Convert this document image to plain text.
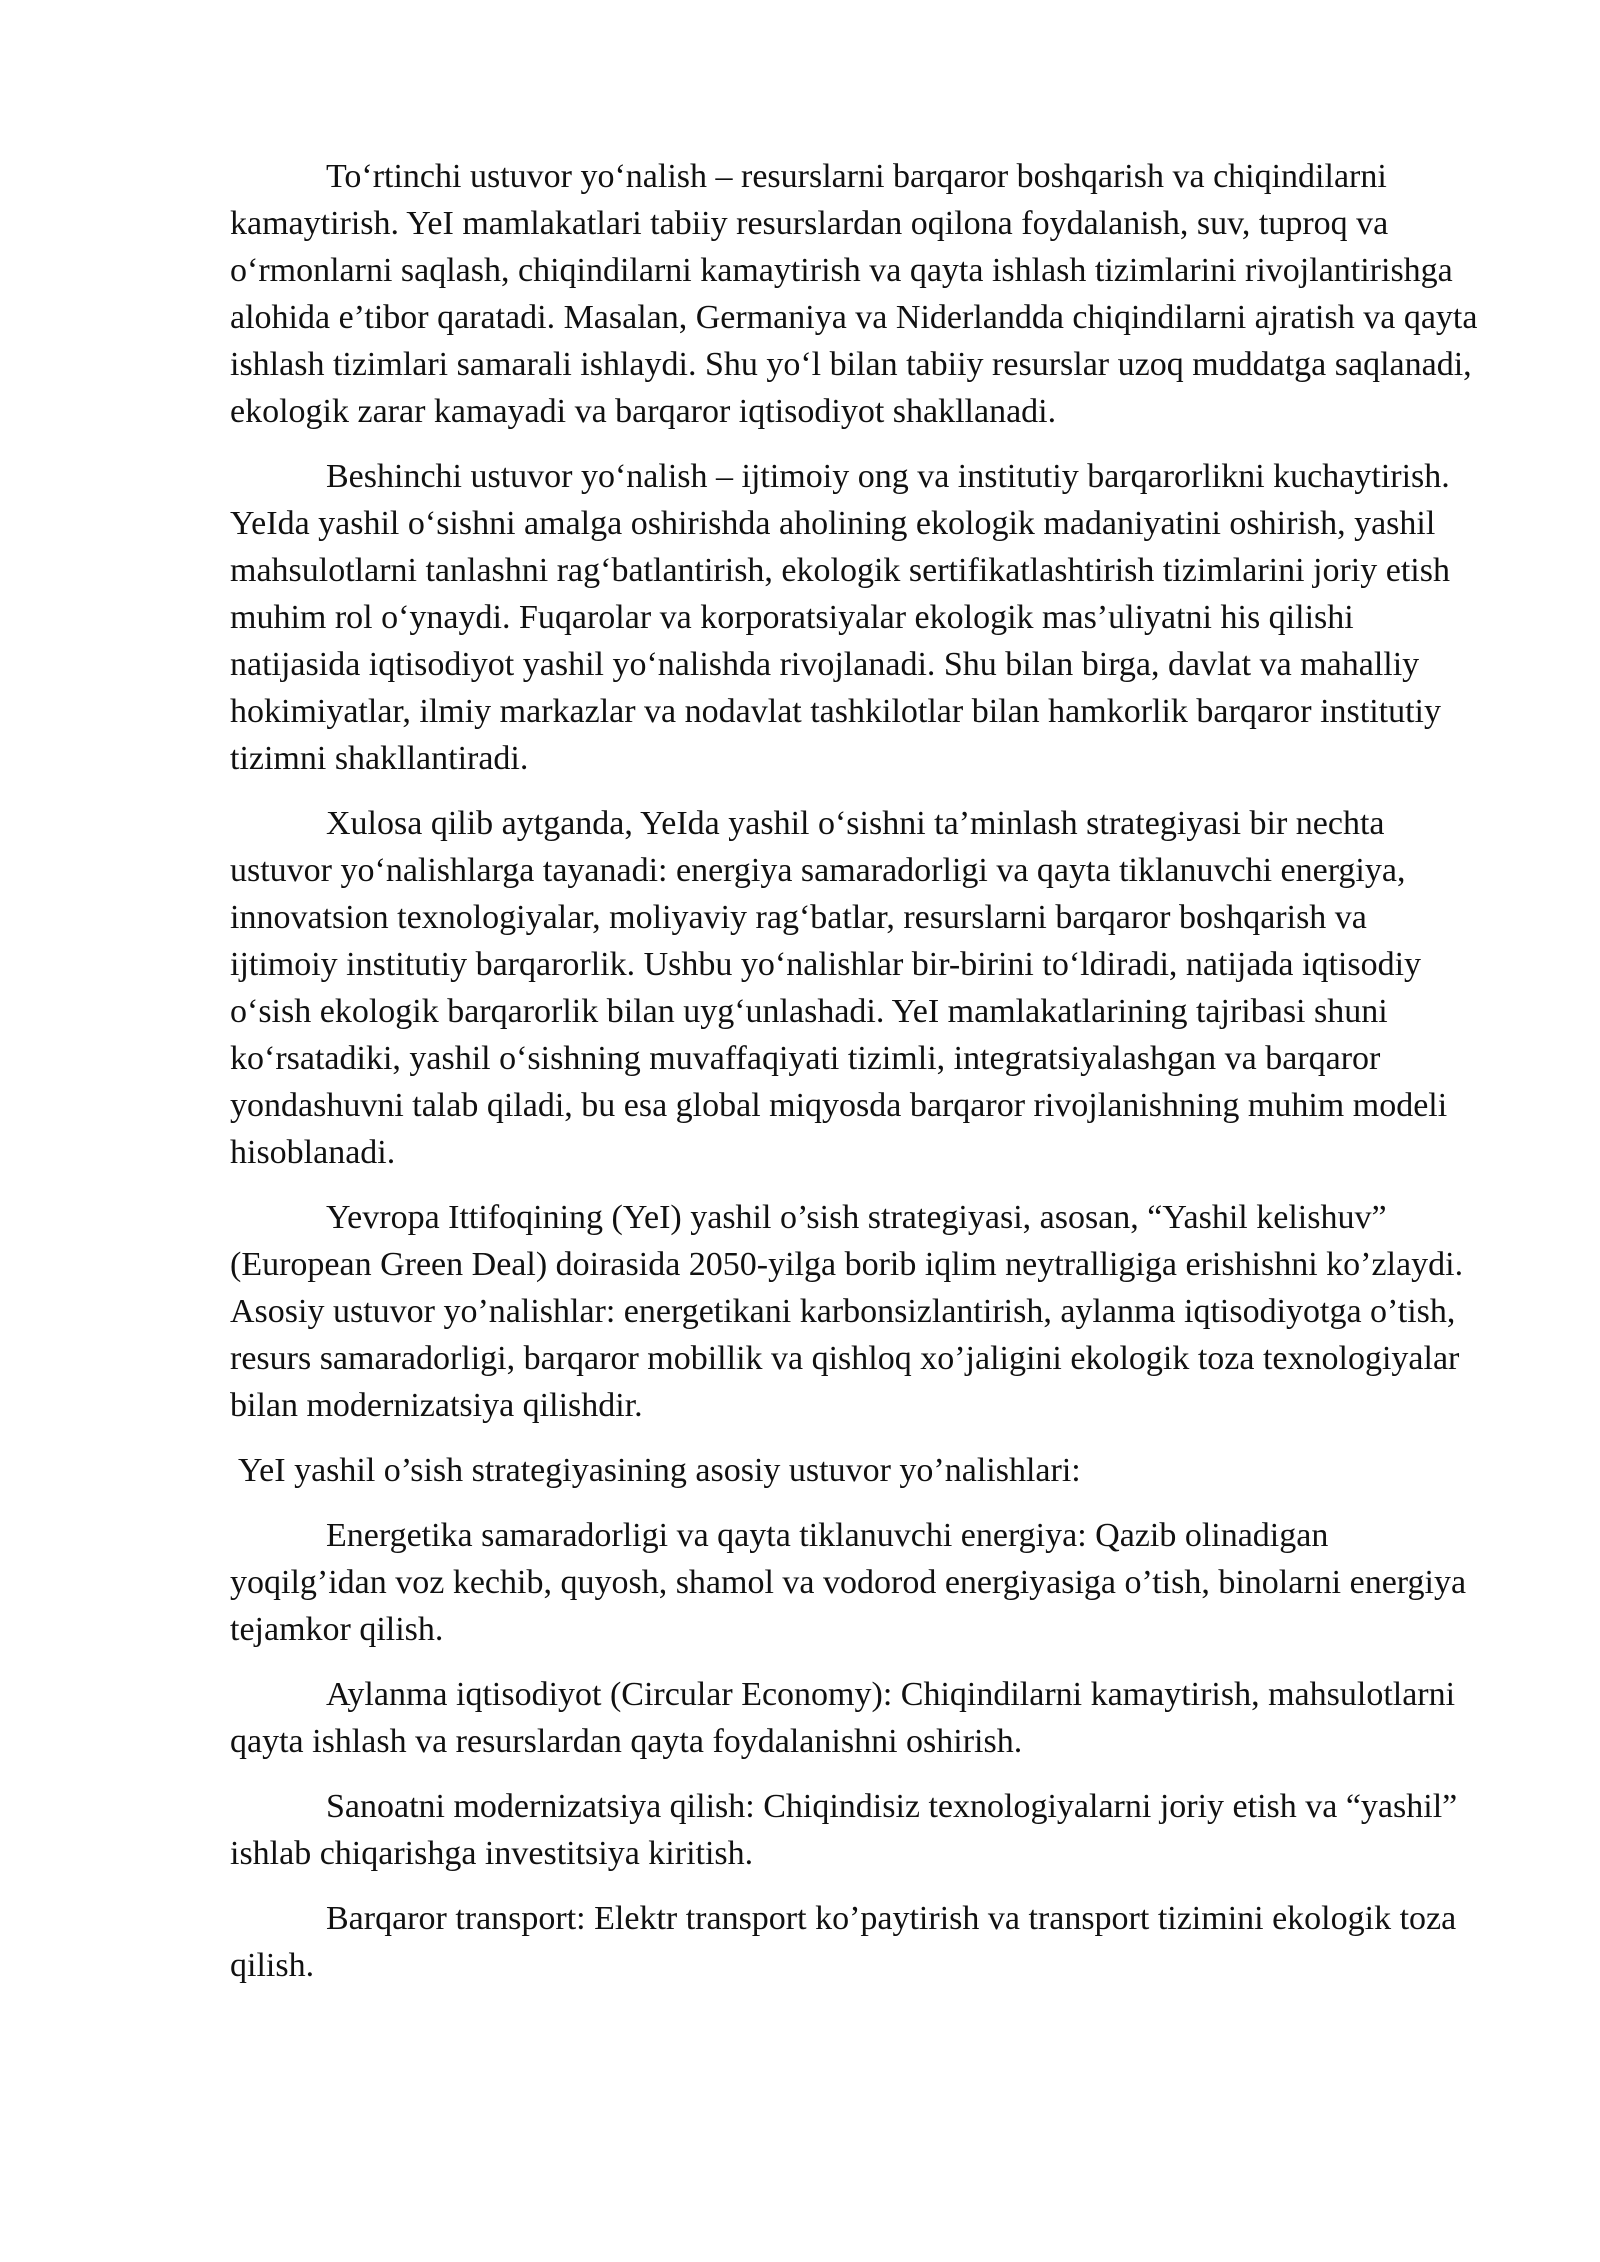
To‘rtinchi ustuvor yo‘nalish – resurslarni barqaror boshqarish va chiqindilarni kamaytirish. YeI mamlakatlari tabiiy resurslardan oqilona foydalanish, suv, tuproq va o‘rmonlarni saqlash, chiqindilarni kamaytirish va qayta ishlash tizimlarini rivojlantirishga alohida e’tibor qaratadi. Masalan, Germaniya va Niderlandda chiqindilarni ajratish va qayta ishlash tizimlari samarali ishlaydi. Shu yo‘l bilan tabiiy resurslar uzoq muddatga saqlanadi, ekologik zarar kamayadi va barqaror iqtisodiyot shakllanadi.

Beshinchi ustuvor yo‘nalish – ijtimoiy ong va institutiy barqarorlikni kuchaytirish. YeIda yashil o‘sishni amalga oshirishda aholining ekologik madaniyatini oshirish, yashil mahsulotlarni tanlashni rag‘batlantirish, ekologik sertifikatlashtirish tizimlarini joriy etish muhim rol o‘ynaydi. Fuqarolar va korporatsiyalar ekologik mas’uliyatni his qilishi natijasida iqtisodiyot yashil yo‘nalishda rivojlanadi. Shu bilan birga, davlat va mahalliy hokimiyatlar, ilmiy markazlar va nodavlat tashkilotlar bilan hamkorlik barqaror institutiy tizimni shakllantiradi.

Xulosa qilib aytganda, YeIda yashil o‘sishni ta’minlash strategiyasi bir nechta ustuvor yo‘nalishlarga tayanadi: energiya samaradorligi va qayta tiklanuvchi energiya, innovatsion texnologiyalar, moliyaviy rag‘batlar, resurslarni barqaror boshqarish va ijtimoiy institutiy barqarorlik. Ushbu yo‘nalishlar bir-birini to‘ldiradi, natijada iqtisodiy o‘sish ekologik barqarorlik bilan uyg‘unlashadi. YeI mamlakatlarining tajribasi shuni ko‘rsatadiki, yashil o‘sishning muvaffaqiyati tizimli, integratsiyalashgan va barqaror yondashuvni talab qiladi, bu esa global miqyosda barqaror rivojlanishning muhim modeli hisoblanadi.

Yevropa Ittifoqining (YeI) yashil o’sish strategiyasi, asosan, “Yashil kelishuv” (European Green Deal) doirasida 2050-yilga borib iqlim neytralligiga erishishni ko’zlaydi. Asosiy ustuvor yo’nalishlar: energetikani karbonsizlantirish, aylanma iqtisodiyotga o’tish, resurs samaradorligi, barqaror mobillik va qishloq xo’jaligini ekologik toza texnologiyalar bilan modernizatsiya qilishdir.

YeI yashil o’sish strategiyasining asosiy ustuvor yo’nalishlari:

Energetika samaradorligi va qayta tiklanuvchi energiya: Qazib olinadigan yoqilg’idan voz kechib, quyosh, shamol va vodorod energiyasiga o’tish, binolarni energiya tejamkor qilish.

Aylanma iqtisodiyot (Circular Economy): Chiqindilarni kamaytirish, mahsulotlarni qayta ishlash va resurslardan qayta foydalanishni oshirish.

Sanoatni modernizatsiya qilish: Chiqindisiz texnologiyalarni joriy etish va “yashil” ishlab chiqarishga investitsiya kiritish.

Barqaror transport: Elektr transport ko’paytirish va transport tizimini ekologik toza qilish.
